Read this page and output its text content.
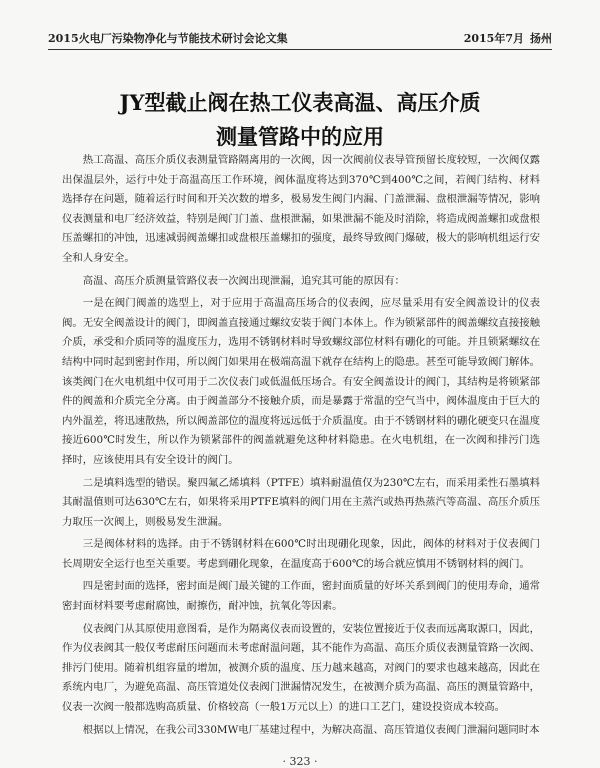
2015火电厂污染物净化与节能技术研讨会论文集	2015年7月 扬州
JY型截止阀在热工仪表高温、高压介质
测量管路中的应用

热工高温、高压介质仪表测量管路隔离用的一次阀，因一次阀前仪表导管预留长度较短，一次阀仅露出保温层外，运行中处于高温高压工作环境，阀体温度将达到370℃到400℃之间，若阀门结构、材料选择存在问题，随着运行时间和开关次数的增多，极易发生阀门内漏、门盖泄漏、盘根泄漏等情况，影响仪表测量和电厂经济效益，特别是阀门门盖、盘根泄漏，如果泄漏不能及时消除，将造成阀盖螺扣或盘根压盖螺扣的冲蚀，迅速减弱阀盖螺扣或盘根压盖螺扣的强度，最终导致阀门爆破，极大的影响机组运行安全和人身安全。

高温、高压介质测量管路仪表一次阀出现泄漏，追究其可能的原因有：

一是在阀门阀盖的选型上，对于应用于高温高压场合的仪表阀，应尽量采用有安全阀盖设计的仪表阀。无安全阀盖设计的阀门，即阀盖直接通过螺纹安装于阀门本体上。作为锁紧部件的阀盖螺纹直接接触介质，承受和介质同等的温度压力，选用不锈钢材料时导致螺纹部位材料有硼化的可能。并且锁紧螺纹在结构中同时起到密封作用，所以阀门如果用在极端高温下就存在结构上的隐患。甚至可能导致阀门解体。该类阀门在火电机组中仅可用于二次仪表门或低温低压场合。有安全阀盖设计的阀门，其结构是将锁紧部件的阀盖和介质完全分离。由于阀盖部分不接触介质，而是暴露于常温的空气当中，阀体温度由于巨大的内外温差，将迅速散热，所以阀盖部位的温度将远远低于介质温度。由于不锈钢材料的硼化硬变只在温度接近600℃时发生，所以作为锁紧部件的阀盖就避免这种材料隐患。在火电机组，在一次阀和排污门选择时，应该使用具有安全设计的阀门。

二是填料选型的错误。聚四氟乙烯填料（PTFE）填料耐温值仅为230℃左右，而采用柔性石墨填料其耐温值则可达630℃左右，如果将采用PTFE填料的阀门用在主蒸汽或热再热蒸汽等高温、高压介质压力取压一次阀上，则极易发生泄漏。

三是阀体材料的选择。由于不锈钢材料在600℃时出现硼化现象，因此，阀体的材料对于仪表阀门长周期安全运行也至关重要。考虑到硼化现象，在温度高于600℃的场合就应慎用不锈钢材料的阀门。

四是密封面的选择，密封面是阀门最关键的工作面，密封面质量的好坏关系到阀门的使用寿命，通常密封面材料要考虑耐腐蚀，耐擦伤，耐冲蚀，抗氧化等因素。

仪表阀门从其原使用意图看，是作为隔离仪表而设置的，安装位置接近于仪表而远离取源口，因此，作为仪表阀其一般仅考虑耐压问题而未考虑耐温问题，其不能作为高温、高压介质仪表测量管路一次阀、排污门使用。随着机组容量的增加，被测介质的温度、压力越来越高，对阀门的要求也越来越高，因此在系统内电厂，为避免高温、高压管道处仪表阀门泄漏情况发生，在被测介质为高温、高压的测量管路中，仪表一次阀一般都选购高质量、价格较高（一般1万元以上）的进口工艺门，建设投资成本较高。

根据以上情况，在我公司330MW电厂基建过程中，为解决高温、高压管道仪表阀门泄漏问题同时本

· 323 ·
